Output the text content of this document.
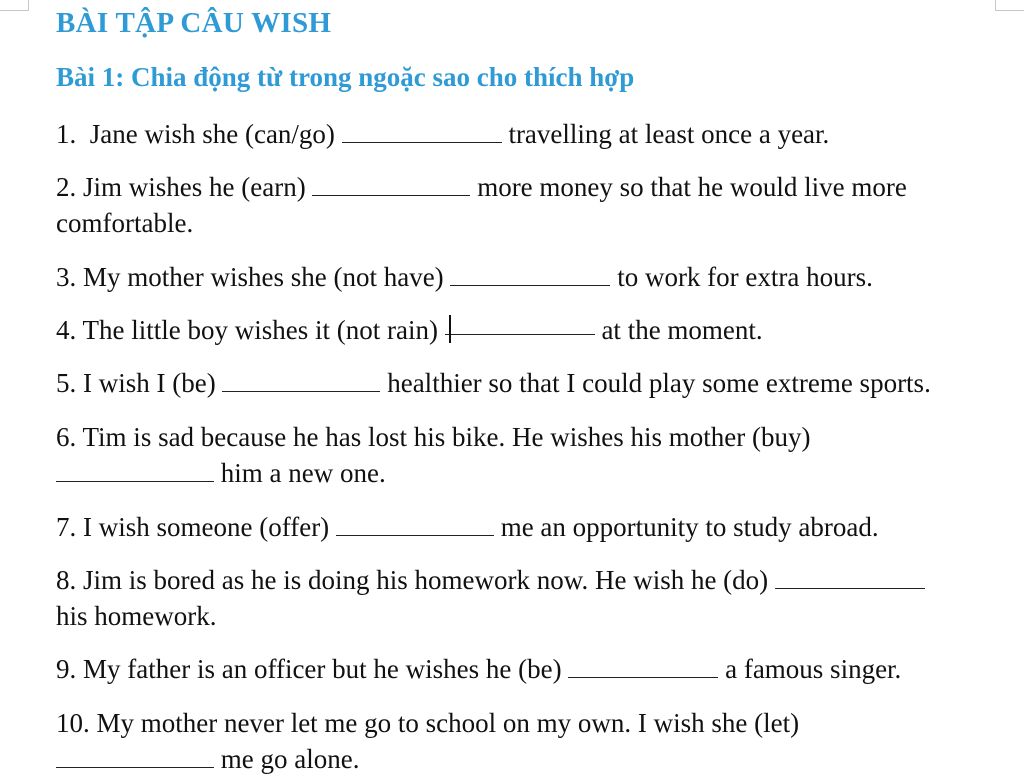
BÀI TẬP CÂU WISH
Bài 1: Chia động từ trong ngoặc sao cho thích hợp
1. Jane wish she (can/go)	travelling at least once a year.
2. Jim wishes he (earn)	more money so that he would live more
comfortable.
3. My mother wishes she (not have)	to work for extra hours.
4. The little boy wishes it (not rain)	at the moment.
5. I wish I (be)	healthier so that I could play some extreme sports.
6. Tim is sad because he has lost his bike. He wishes his mother (buy)
him a new one.
7. I wish someone (offer)	me an opportunity to study abroad.
8. Jim is bored as he is doing his homework now. He wish he (do)
his homework.
9. My father is an officer but he wishes he (be)	a famous singer.
10. My mother never let me go to school on my own. I wish she (let)
me go alone.
